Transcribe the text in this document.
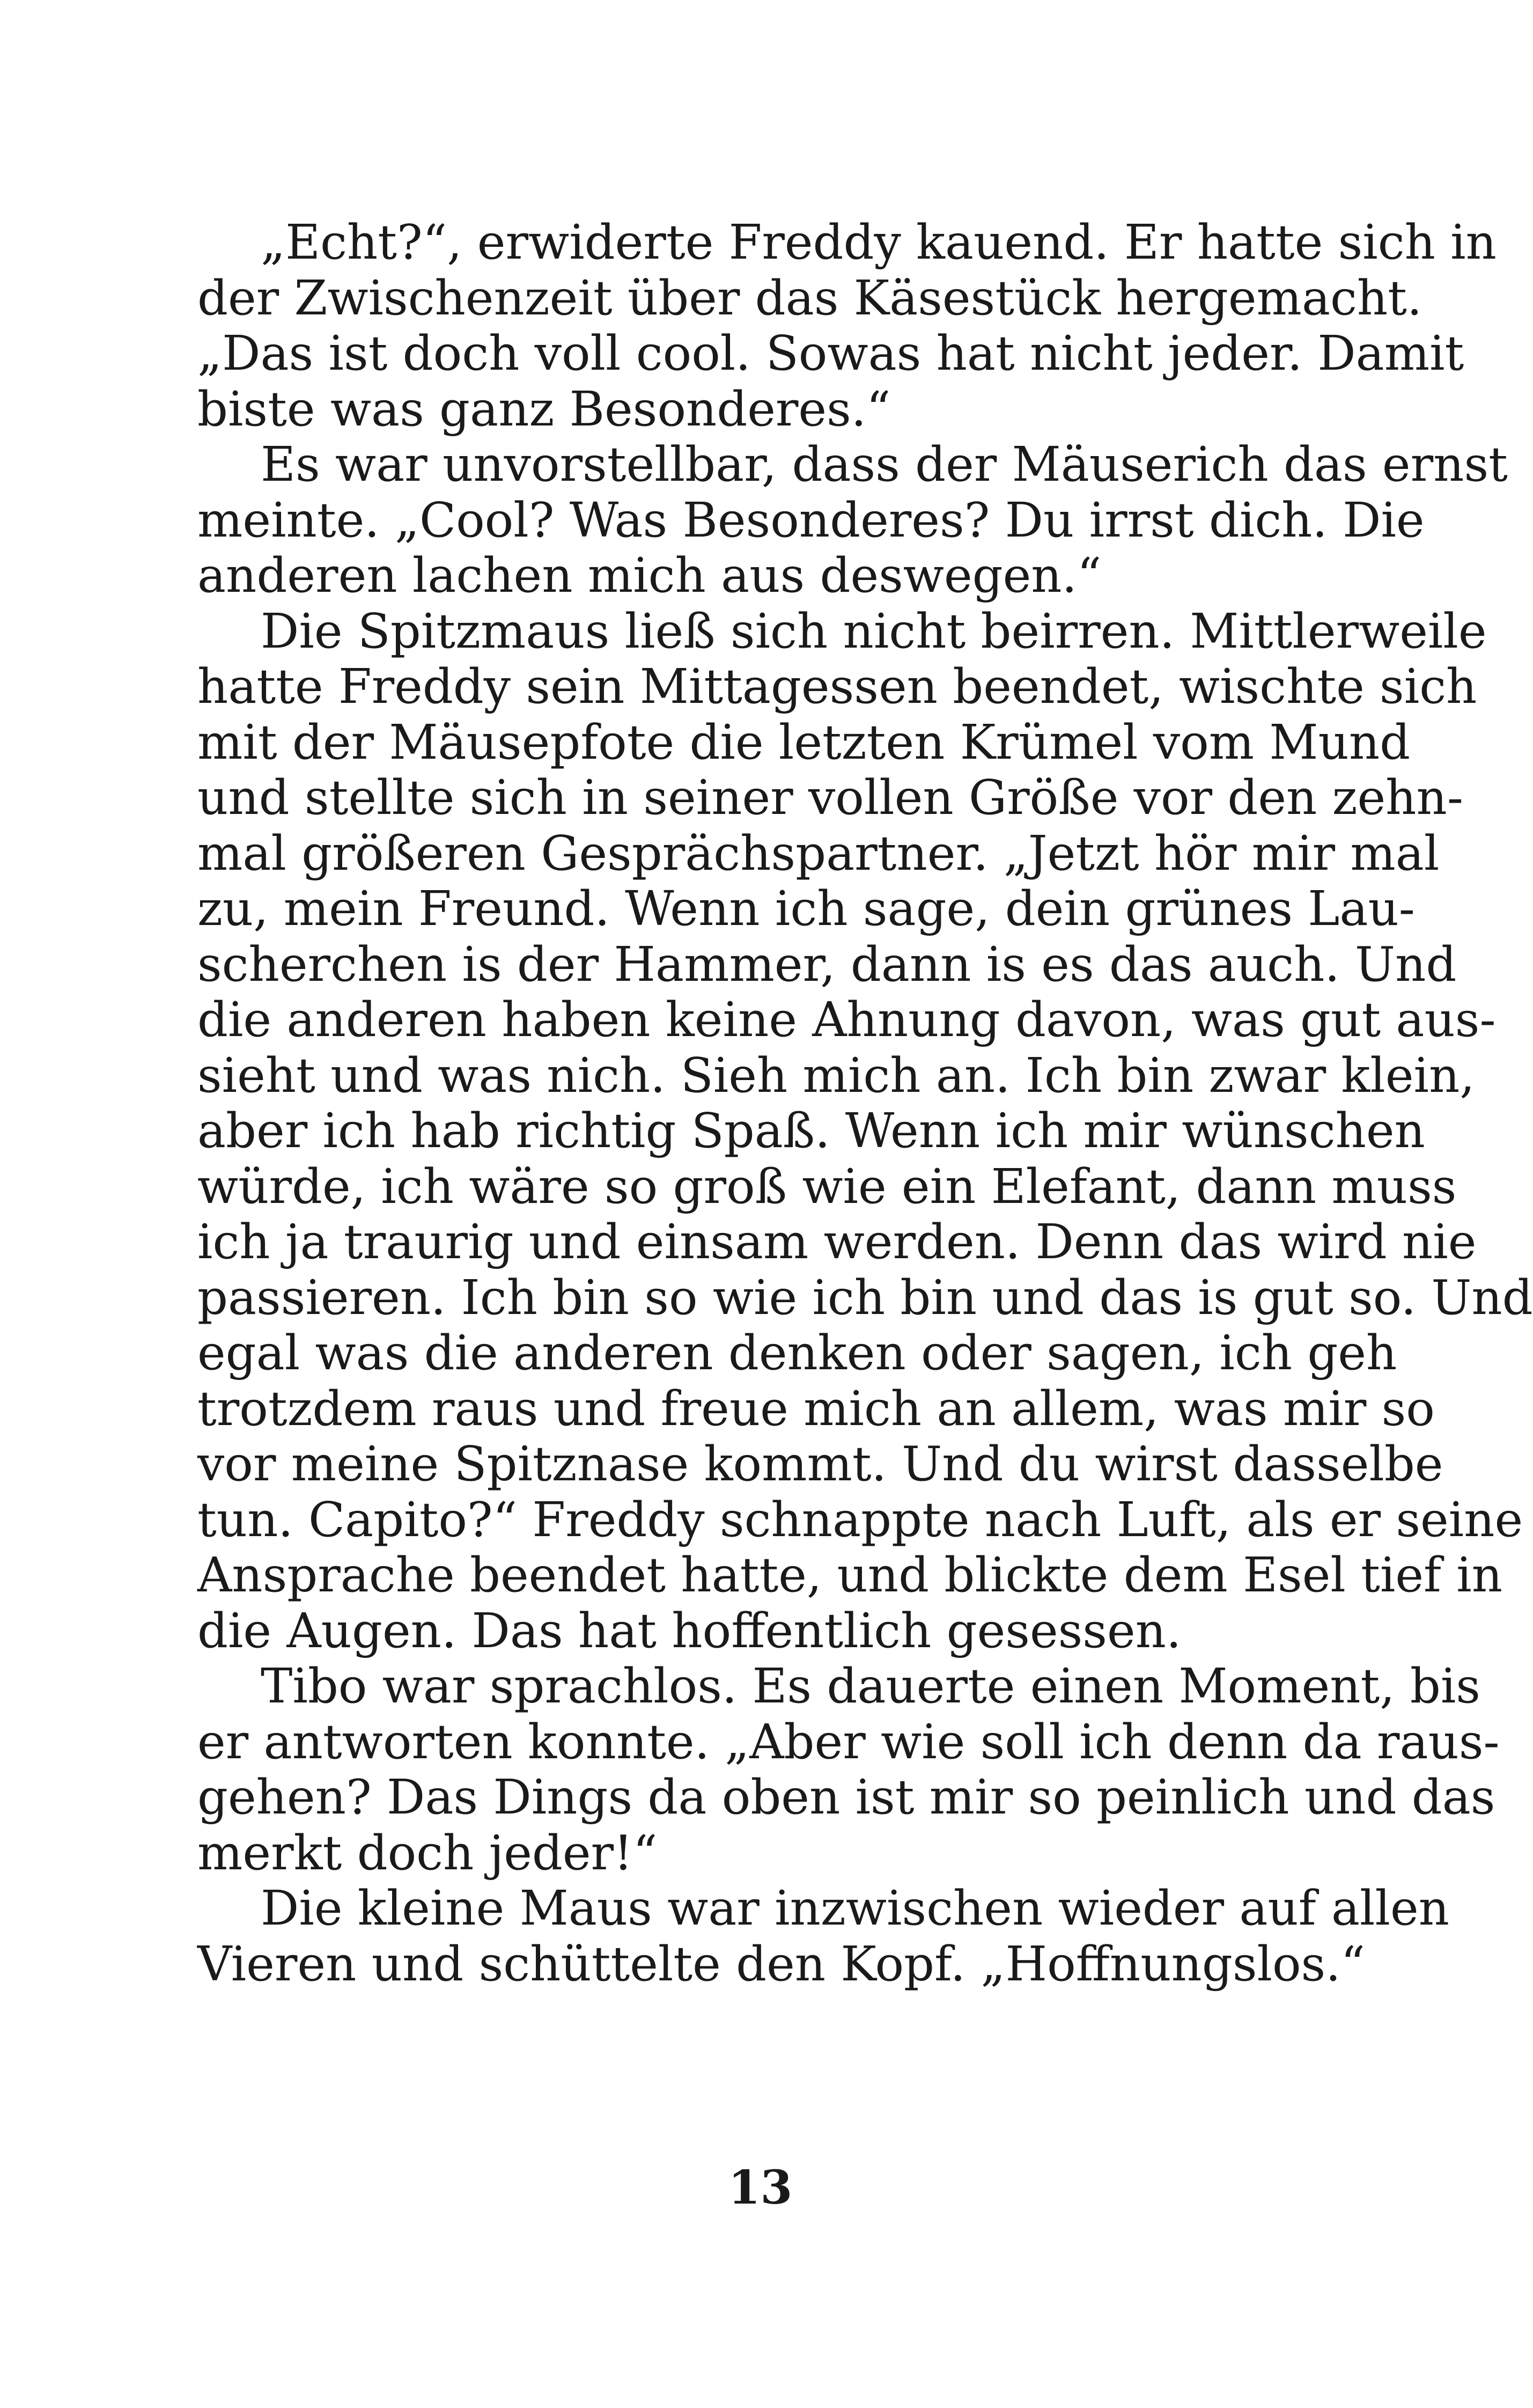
„Echt?“, erwiderte Freddy kauend. Er hatte sich in
der Zwischenzeit über das Käsestück hergemacht.
„Das ist doch voll cool. Sowas hat nicht jeder. Damit
biste was ganz Besonderes.“
Es war unvorstellbar, dass der Mäuserich das ernst
meinte. „Cool? Was Besonderes? Du irrst dich. Die
anderen lachen mich aus deswegen.“
Die Spitzmaus ließ sich nicht beirren. Mittlerweile
hatte Freddy sein Mittagessen beendet, wischte sich
mit der Mäusepfote die letzten Krümel vom Mund
und stellte sich in seiner vollen Größe vor den zehn-
mal größeren Gesprächspartner. „Jetzt hör mir mal
zu, mein Freund. Wenn ich sage, dein grünes Lau-
scherchen is der Hammer, dann is es das auch. Und
die anderen haben keine Ahnung davon, was gut aus-
sieht und was nich. Sieh mich an. Ich bin zwar klein,
aber ich hab richtig Spaß. Wenn ich mir wünschen
würde, ich wäre so groß wie ein Elefant, dann muss
ich ja traurig und einsam werden. Denn das wird nie
passieren. Ich bin so wie ich bin und das is gut so. Und
egal was die anderen denken oder sagen, ich geh
trotzdem raus und freue mich an allem, was mir so
vor meine Spitznase kommt. Und du wirst dasselbe
tun. Capito?“ Freddy schnappte nach Luft, als er seine
Ansprache beendet hatte, und blickte dem Esel tief in
die Augen. Das hat hoffentlich gesessen.
Tibo war sprachlos. Es dauerte einen Moment, bis
er antworten konnte. „Aber wie soll ich denn da raus-
gehen? Das Dings da oben ist mir so peinlich und das
merkt doch jeder!“
Die kleine Maus war inzwischen wieder auf allen
Vieren und schüttelte den Kopf. „Hoffnungslos.“
13
